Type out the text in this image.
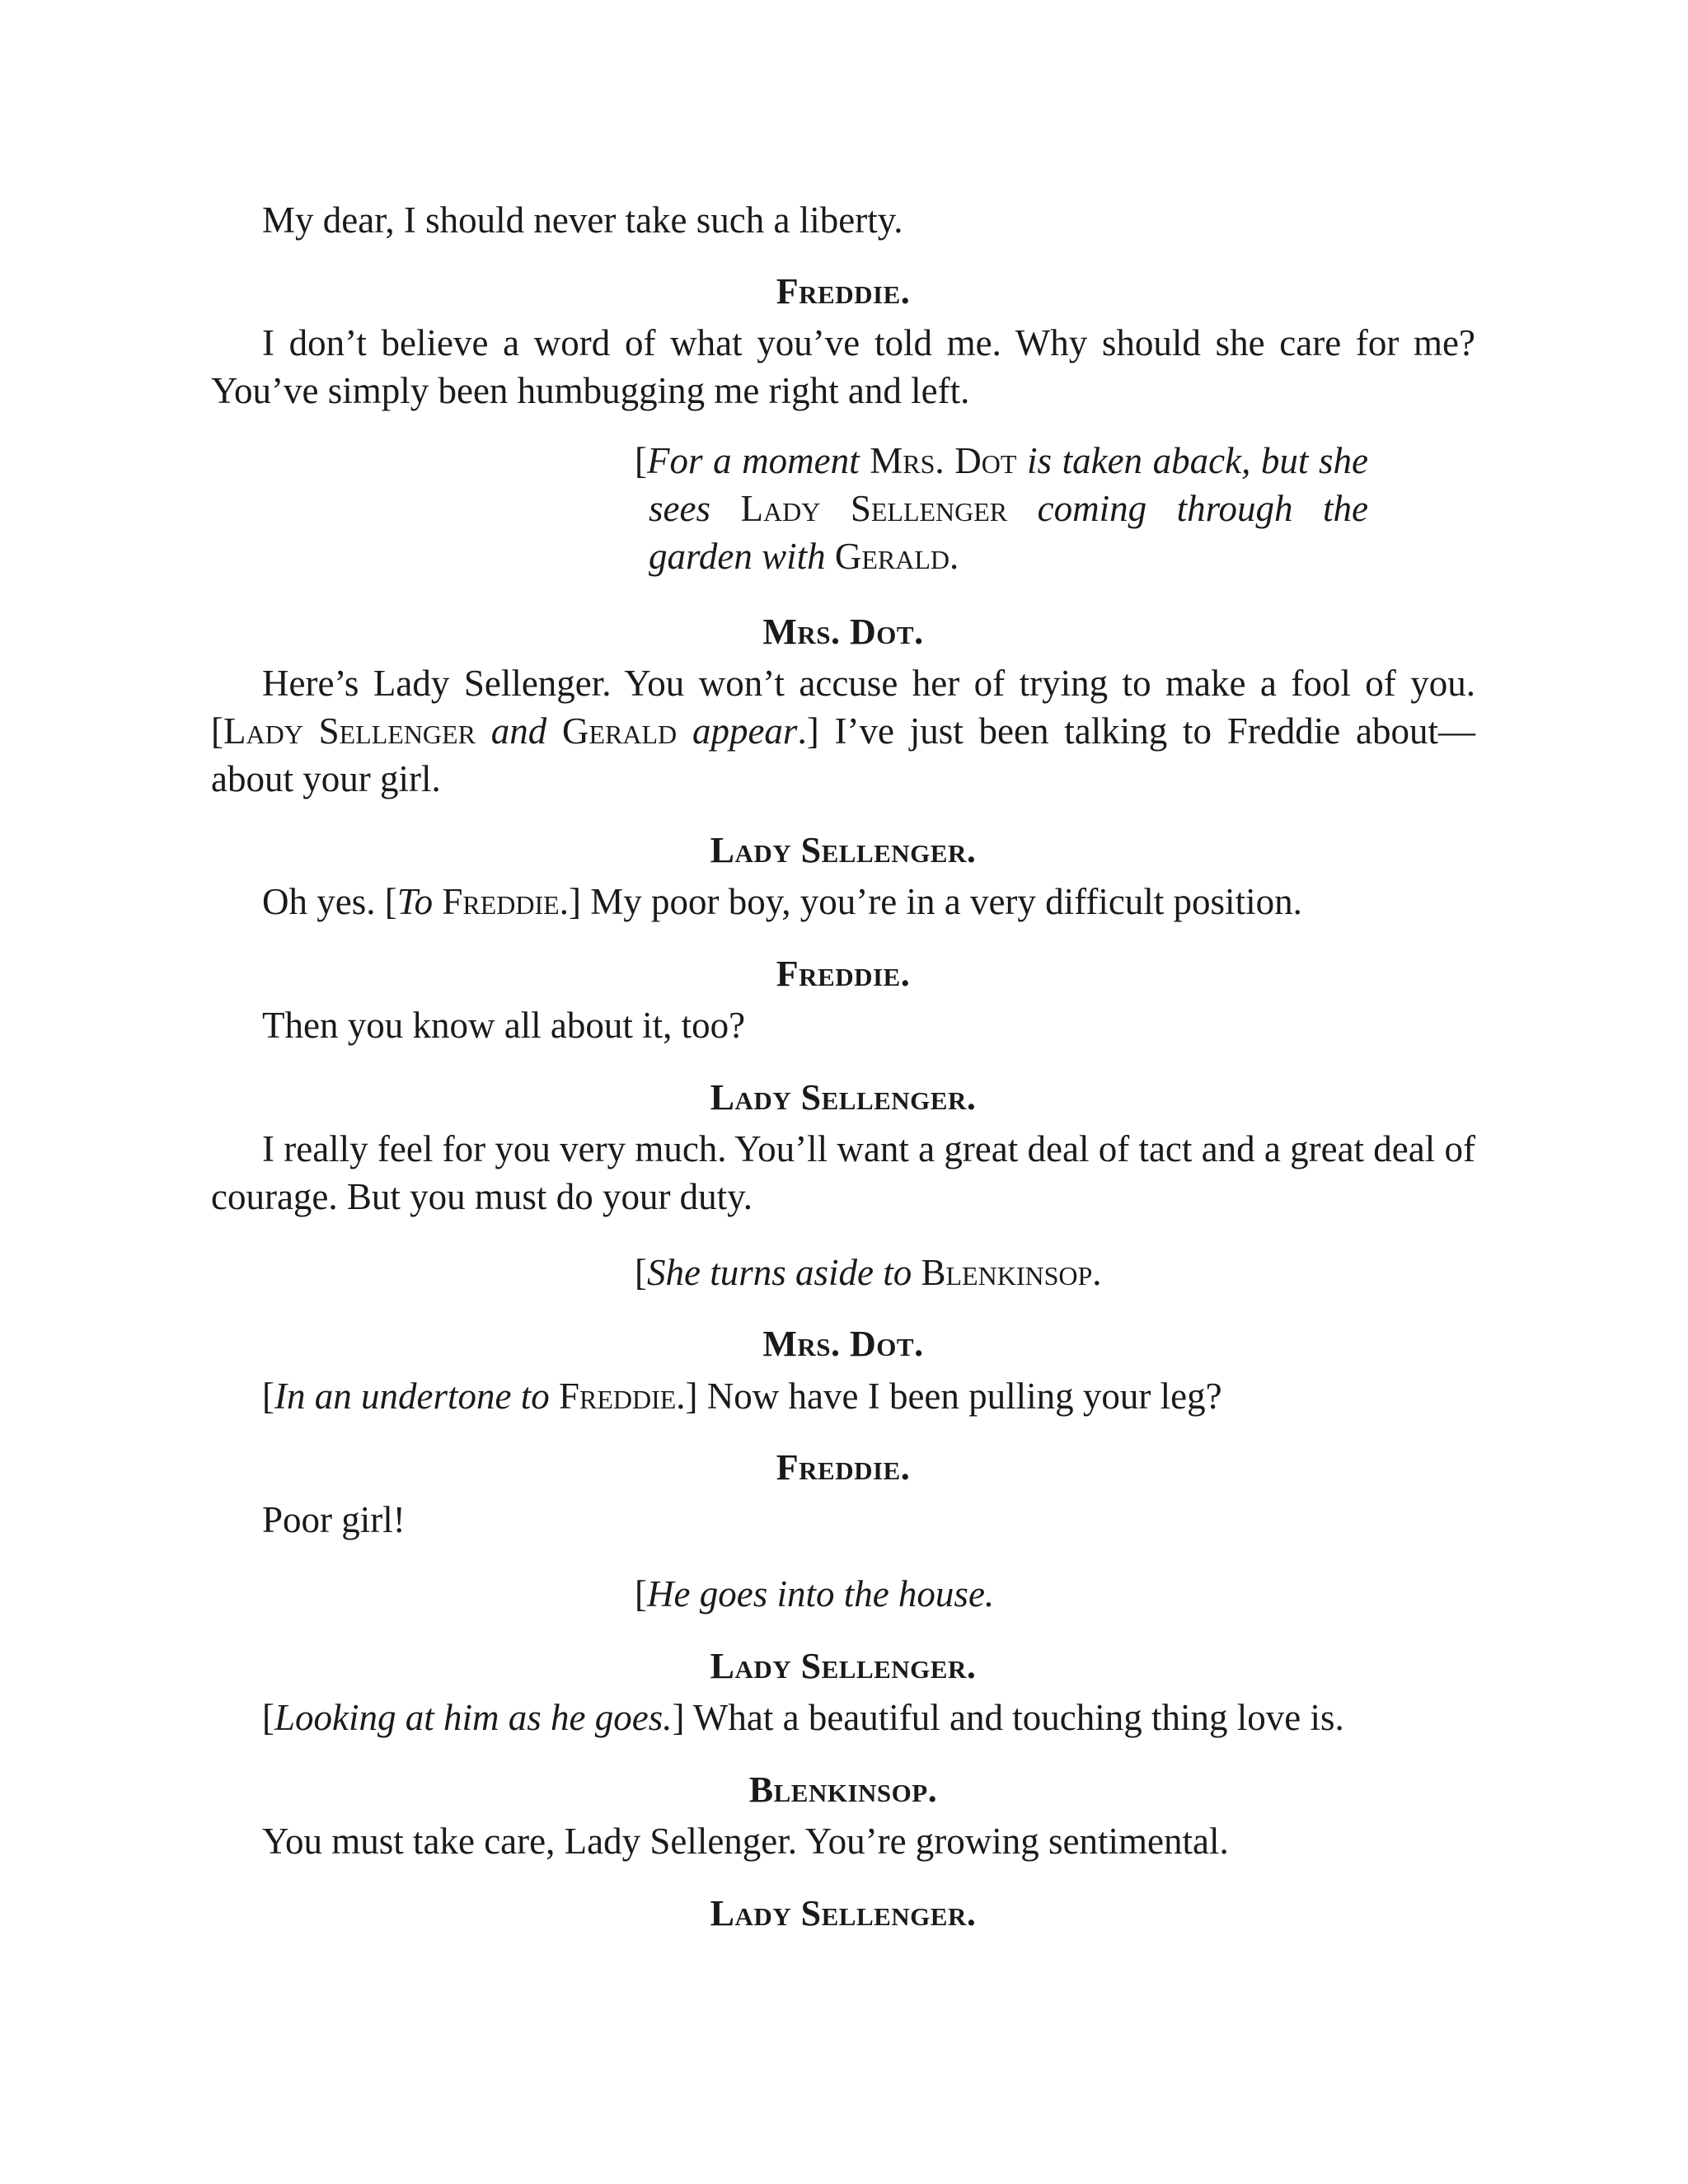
My dear, I should never take such a liberty.

Freddie.

I don’t believe a word of what you’ve told me. Why should she care for me? You’ve simply been humbugging me right and left.

[For a moment Mrs. Dot is taken aback, but she sees Lady Sellenger coming through the garden with Gerald.

Mrs. Dot.

Here’s Lady Sellenger. You won’t accuse her of trying to make a fool of you. [Lady Sellenger and Gerald appear.] I’ve just been talking to Freddie about—about your girl.

Lady Sellenger.

Oh yes. [To Freddie.] My poor boy, you’re in a very difficult position.

Freddie.

Then you know all about it, too?

Lady Sellenger.

I really feel for you very much. You’ll want a great deal of tact and a great deal of courage. But you must do your duty.

[She turns aside to Blenkinsop.

Mrs. Dot.

[In an undertone to Freddie.] Now have I been pulling your leg?

Freddie.

Poor girl!

[He goes into the house.

Lady Sellenger.

[Looking at him as he goes.] What a beautiful and touching thing love is.

Blenkinsop.

You must take care, Lady Sellenger. You’re growing sentimental.

Lady Sellenger.
